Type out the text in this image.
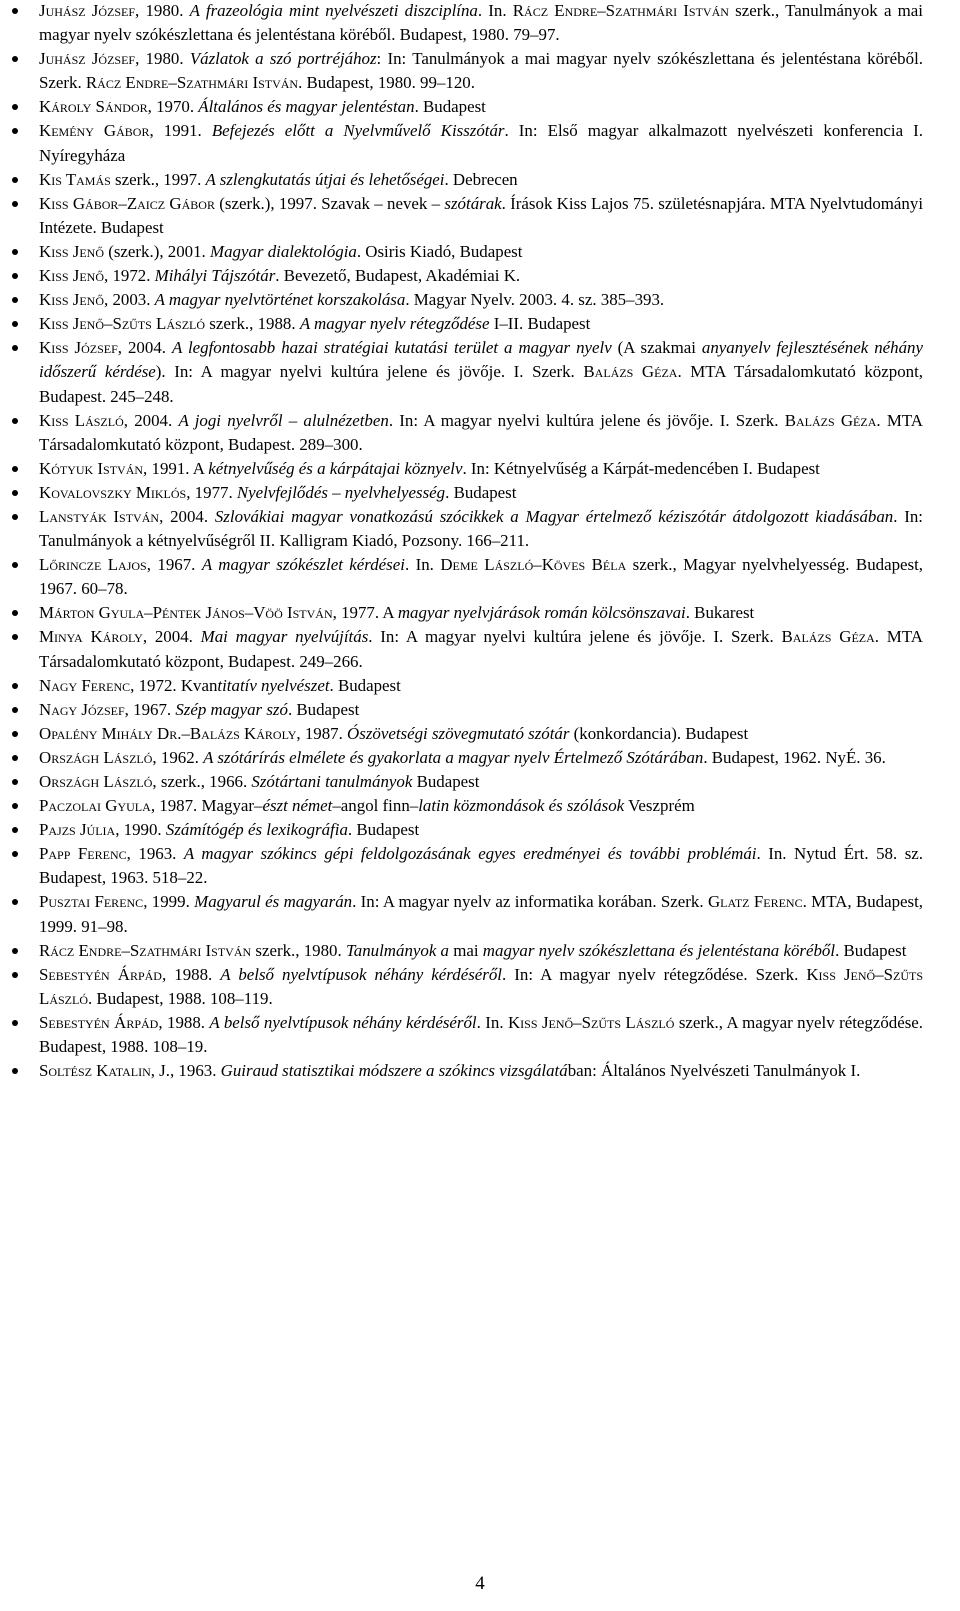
Juhász József, 1980. A frazeológia mint nyelvészeti diszciplína. In. Rácz Endre–Szathmári István szerk., Tanulmányok a mai magyar nyelv szókészlettana és jelentéstana köréből. Budapest, 1980. 79–97.
Juhász József, 1980. Vázlatok a szó portréjához: In: Tanulmányok a mai magyar nyelv szókészlettana és jelentéstana köréből. Szerk. Rácz Endre–Szathmári István. Budapest, 1980. 99–120.
Károly Sándor, 1970. Általános és magyar jelentéstan. Budapest
Kemény Gábor, 1991. Befejezés előtt a Nyelvművelő Kisszótár. In: Első magyar alkalmazott nyelvészeti konferencia I. Nyíregyháza
Kis Tamás szerk., 1997. A szlengkutatás útjai és lehetőségei. Debrecen
Kiss Gábor–Zaicz Gábor (szerk.), 1997. Szavak – nevek – szótárak. Írások Kiss Lajos 75. születésnapjára. MTA Nyelvtudományi Intézete. Budapest
Kiss Jenő (szerk.), 2001. Magyar dialektológia. Osiris Kiadó, Budapest
Kiss Jenő, 1972. Mihályi Tájszótár. Bevezető, Budapest, Akadémiai K.
Kiss Jenő, 2003. A magyar nyelvtörténet korszakolása. Magyar Nyelv. 2003. 4. sz. 385–393.
Kiss Jenő–Szűts László szerk., 1988. A magyar nyelv rétegződése I–II. Budapest
Kiss József, 2004. A legfontosabb hazai stratégiai kutatási terület a magyar nyelv (A szakmai anyanyelv fejlesztésének néhány időszerű kérdése). In: A magyar nyelvi kultúra jelene és jövője. I. Szerk. Balázs Géza. MTA Társadalomkutató központ, Budapest. 245–248.
Kiss László, 2004. A jogi nyelvről – alulnézetben. In: A magyar nyelvi kultúra jelene és jövője. I. Szerk. Balázs Géza. MTA Társadalomkutató központ, Budapest. 289–300.
Kótyuk István, 1991. A kétnyelvűség és a kárpátajai köznyelv. In: Kétnyelvűség a Kárpát-medencében I. Budapest
Kovalovszky Miklós, 1977. Nyelvfejlődés – nyelvhelyesség. Budapest
Lanstyák István, 2004. Szlovákiai magyar vonatkozású szócikkek a Magyar értelmező kéziszótár átdolgozott kiadásában. In: Tanulmányok a kétnyelvűségről II. Kalligram Kiadó, Pozsony. 166–211.
Lőrincze Lajos, 1967. A magyar szókészlet kérdései. In. Deme László–Köves Béla szerk., Magyar nyelvhelyesség. Budapest, 1967. 60–78.
Márton Gyula–Péntek János–Vöö István, 1977. A magyar nyelvjárások román kölcsönszavai. Bukarest
Minya Károly, 2004. Mai magyar nyelvújítás. In: A magyar nyelvi kultúra jelene és jövője. I. Szerk. Balázs Géza. MTA Társadalomkutató központ, Budapest. 249–266.
Nagy Ferenc, 1972. Kvantitatív nyelvészet. Budapest
Nagy József, 1967. Szép magyar szó. Budapest
Opalény Mihály Dr.–Balázs Károly, 1987. Ószövetségi szövegmutató szótár (konkordancia). Budapest
Országh László, 1962. A szótárírás elmélete és gyakorlata a magyar nyelv Értelmező Szótárában. Budapest, 1962. NyÉ. 36.
Országh László, szerk., 1966. Szótártani tanulmányok Budapest
Paczolai Gyula, 1987. Magyar–észt német–angol finn–latin közmondások és szólások Veszprém
Pajzs Júlia, 1990. Számítógép és lexikográfia. Budapest
Papp Ferenc, 1963. A magyar szókincs gépi feldolgozásának egyes eredményei és további problémái. In. Nytud Ért. 58. sz. Budapest, 1963. 518–22.
Pusztai Ferenc, 1999. Magyarul és magyarán. In: A magyar nyelv az informatika korában. Szerk. Glatz Ferenc. MTA, Budapest, 1999. 91–98.
Rácz Endre–Szathmári István szerk., 1980. Tanulmányok a mai magyar nyelv szókészlettana és jelentéstana köréből. Budapest
Sebestyén Árpád, 1988. A belső nyelvtípusok néhány kérdéséről. In: A magyar nyelv rétegződése. Szerk. Kiss Jenő–Szűts László. Budapest, 1988. 108–119.
Sebestyén Árpád, 1988. A belső nyelvtípusok néhány kérdéséről. In. Kiss Jenő–Szűts László szerk., A magyar nyelv rétegződése. Budapest, 1988. 108–19.
Soltész Katalin, J., 1963. Guiraud statisztikai módszere a szókincs vizsgálatában: Általános Nyelvészeti Tanulmányok I.
4
